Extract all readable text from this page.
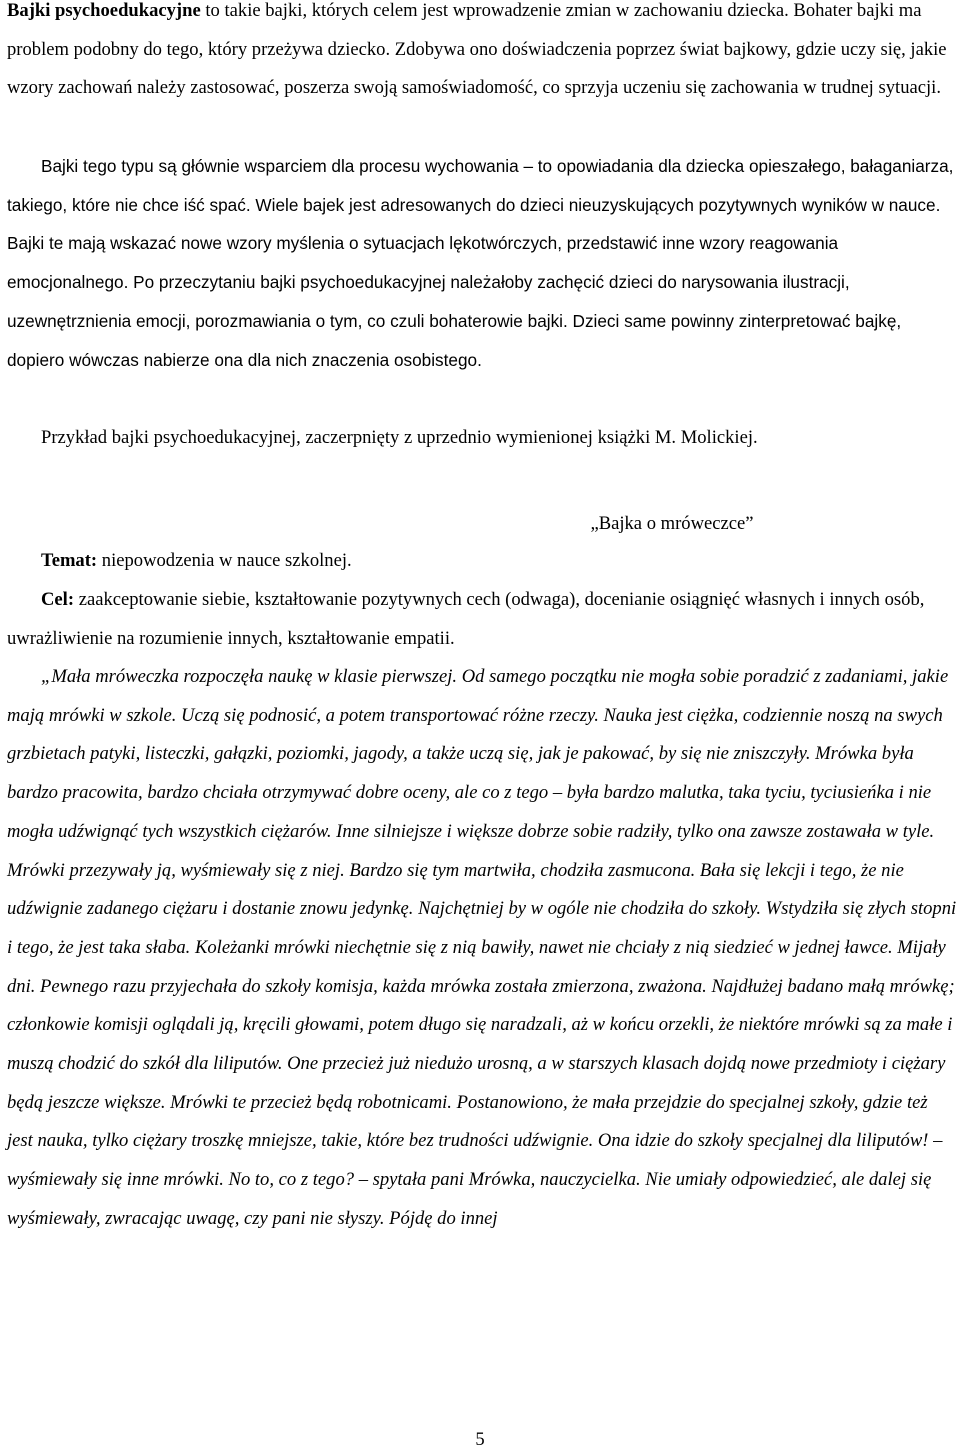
Bajki psychoedukacyjne to takie bajki, których celem jest wprowadzenie zmian w zachowaniu dziecka. Bohater bajki ma problem podobny do tego, który przeżywa dziecko. Zdobywa ono doświadczenia poprzez świat bajkowy, gdzie uczy się, jakie wzory zachowań należy zastosować, poszerza swoją samoświadomość, co sprzyja uczeniu się zachowania w trudnej sytuacji.

Bajki tego typu są głównie wsparciem dla procesu wychowania – to opowiadania dla dziecka opieszałego, bałaganiarza, takiego, które nie chce iść spać. Wiele bajek jest adresowanych do dzieci nieuzyskujących pozytywnych wyników w nauce. Bajki te mają wskazać nowe wzory myślenia o sytuacjach lękotwórczych, przedstawić inne wzory reagowania emocjonalnego. Po przeczytaniu bajki psychoedukacyjnej należałoby zachęcić dzieci do narysowania ilustracji, uzewnętrznienia emocji, porozmawiania o tym, co czuli bohaterowie bajki. Dzieci same powinny zinterpretować bajkę, dopiero wówczas nabierze ona dla nich znaczenia osobistego.

Przykład bajki psychoedukacyjnej, zaczerpnięty z uprzednio wymienionej książki M. Molickiej.

„Bajka o mróweczce”

Temat: niepowodzenia w nauce szkolnej.

Cel: zaakceptowanie siebie, kształtowanie pozytywnych cech (odwaga), docenianie osiągnięć własnych i innych osób, uwrażliwienie na rozumienie innych, kształtowanie empatii.

„Mała mróweczka rozpoczęła naukę w klasie pierwszej. Od samego początku nie mogła sobie poradzić z zadaniami, jakie mają mrówki w szkole. Uczą się podnosić, a potem transportować różne rzeczy. Nauka jest ciężka, codziennie noszą na swych grzbietach patyki, listeczki, gałązki, poziomki, jagody, a także uczą się, jak je pakować, by się nie zniszczyły. Mrówka była bardzo pracowita, bardzo chciała otrzymywać dobre oceny, ale co z tego – była bardzo malutka, taka tyciu, tyciusieńka i nie mogła udźwignąć tych wszystkich ciężarów. Inne silniejsze i większe dobrze sobie radziły, tylko ona zawsze zostawała w tyle. Mrówki przezywały ją, wyśmiewały się z niej. Bardzo się tym martwiła, chodziła zasmucona. Bała się lekcji i tego, że nie udźwignie zadanego ciężaru i dostanie znowu jedynkę. Najchętniej by w ogóle nie chodziła do szkoły. Wstydziła się złych stopni i tego, że jest taka słaba. Koleżanki mrówki niechętnie się z nią bawiły, nawet nie chciały z nią siedzieć w jednej ławce. Mijały dni. Pewnego razu przyjechała do szkoły komisja, każda mrówka została zmierzona, zważona. Najdłużej badano małą mrówkę; członkowie komisji oglądali ją, kręcili głowami, potem długo się naradzali, aż w końcu orzekli, że niektóre mrówki są za małe i muszą chodzić do szkół dla liliputów. One przecież już niedużo urosną, a w starszych klasach dojdą nowe przedmioty i ciężary będą jeszcze większe. Mrówki te przecież będą robotnicami. Postanowiono, że mała przejdzie do specjalnej szkoły, gdzie też jest nauka, tylko ciężary troszkę mniejsze, takie, które bez trudności udźwignie. Ona idzie do szkoły specjalnej dla liliputów! – wyśmiewały się inne mrówki. No to, co z tego? – spytała pani Mrówka, nauczycielka. Nie umiały odpowiedzieć, ale dalej się wyśmiewały, zwracając uwagę, czy pani nie słyszy. Pójdę do innej

5
